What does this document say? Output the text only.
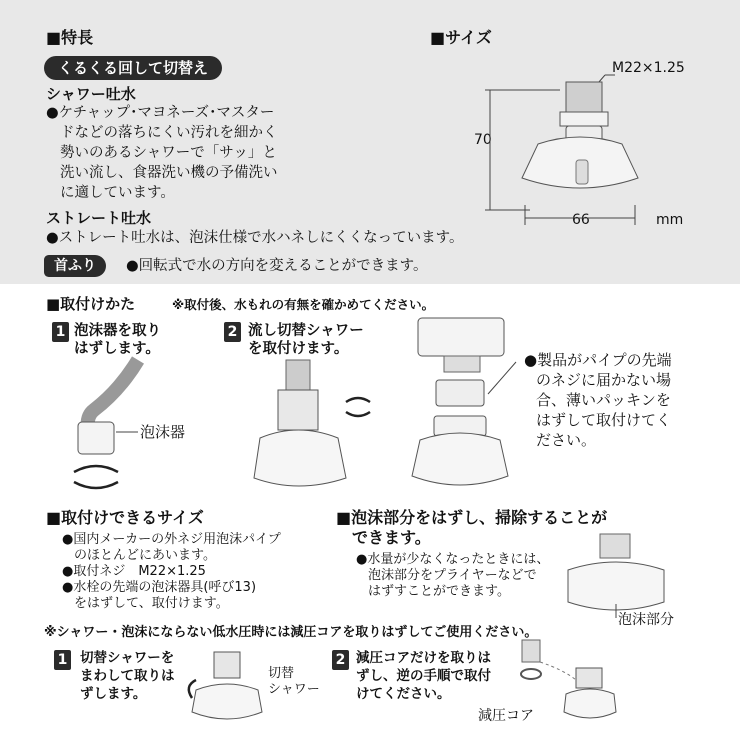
■特長
くるくる回して切替え
シャワー吐水
●ケチャップ･マヨネーズ･マスター
ドなどの落ちにくい汚れを細かく
勢いのあるシャワーで「サッ」と
洗い流し、食器洗い機の予備洗い
に適しています。
ストレート吐水
●ストレート吐水は、泡沫仕様で水ハネしにくくなっています。
首ふり	●回転式で水の方向を変えることができます。
■サイズ
M22×1.25
70
66	mm
■取付けかた	※取付後、水もれの有無を確かめてください。
1 泡沫器を取り
はずします。
泡沫器
2 流し切替シャワー
を取付けます。
●製品がパイプの先端
のネジに届かない場
合、薄いパッキンを
はずして取付けてく
ださい。
■取付けできるサイズ
●国内メーカーの外ネジ用泡沫パイプ
のほとんどにあいます。
●取付ネジ　M22×1.25
●水栓の先端の泡沫器具(呼び13)
をはずして、取付けます。
■泡沫部分をはずし、掃除することが
できます。
●水量が少なくなったときには、
泡沫部分をプライヤーなどで
はずすことができます。
泡沫部分
※シャワー・泡沫にならない低水圧時には減圧コアを取りはずしてご使用ください。
1 切替シャワーを
まわして取りは
ずします。
切替
シャワー
2 減圧コアだけを取りは
ずし、逆の手順で取付
けてください。
減圧コア
